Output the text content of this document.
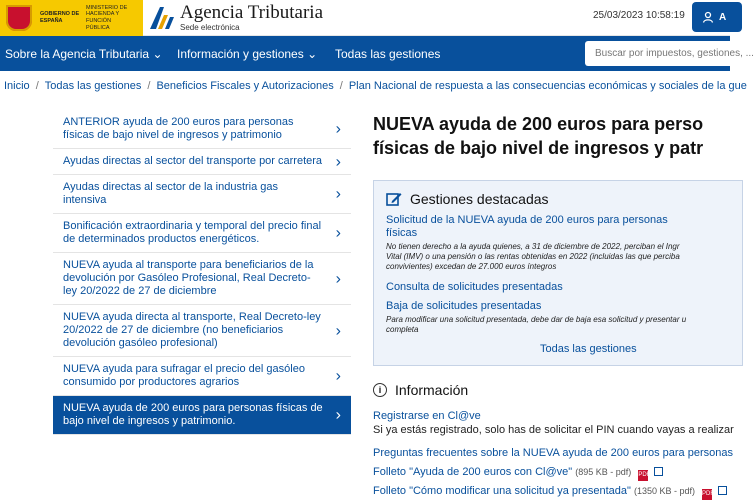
GOBIERNO DE ESPAÑA
MINISTERIO DE HACIENDA Y FUNCIÓN PÚBLICA
Agencia Tributaria
Sede electrónica
25/03/2023 10:58:19	A
Sobre la Agencia Tributaria ⌄ Información y gestiones ⌄ Todas las gestiones	Buscar por impuestos, gestiones, ...
Inicio / Todas las gestiones / Beneficios Fiscales y Autorizaciones / Plan Nacional de respuesta a las consecuencias económicas y sociales de la gue
ANTERIOR ayuda de 200 euros para personas físicas de bajo nivel de ingresos y patrimonio	›
Ayudas directas al sector del transporte por carretera ›
Ayudas directas al sector de la industria gas intensiva	›
Bonificación extraordinaria y temporal del precio final de determinados productos energéticos.	›
NUEVA ayuda al transporte para beneficiarios de la devolución por Gasóleo Profesional, Real Decreto-ley 20/2022 de 27 de diciembre
›
NUEVA ayuda directa al transporte, Real Decreto-ley 20/2022 de 27 de diciembre (no beneficiarios devolución gasóleo profesional)
›
NUEVA ayuda para sufragar el precio del gasóleo consumido por productores agrarios	›
NUEVA ayuda de 200 euros para personas físicas de bajo nivel de ingresos y patrimonio.	›
NUEVA ayuda de 200 euros para perso
físicas de bajo nivel de ingresos y patr
Gestiones destacadas
Solicitud de la NUEVA ayuda de 200 euros para personas
físicas
No tienen derecho a la ayuda quienes, a 31 de diciembre de 2022, perciban el Ingr
Vital (IMV) o una pensión o las rentas obtenidas en 2022 (incluidas las que perciba
convivientes) excedan de 27.000 euros íntegros
Consulta de solicitudes presentadas
Baja de solicitudes presentadas
Para modificar una solicitud presentada, debe dar de baja esa solicitud y presentar u
completa
Todas las gestiones
i Información
Registrarse en Cl@ve
Si ya estás registrado, solo has de solicitar el PIN cuando vayas a realizar
Preguntas frecuentes sobre la NUEVA ayuda de 200 euros para personas
Folleto "Ayuda de 200 euros con Cl@ve" (895 KB - pdf) PDF
Folleto "Cómo modificar una solicitud ya presentada" (1350 KB - pdf) PDF
